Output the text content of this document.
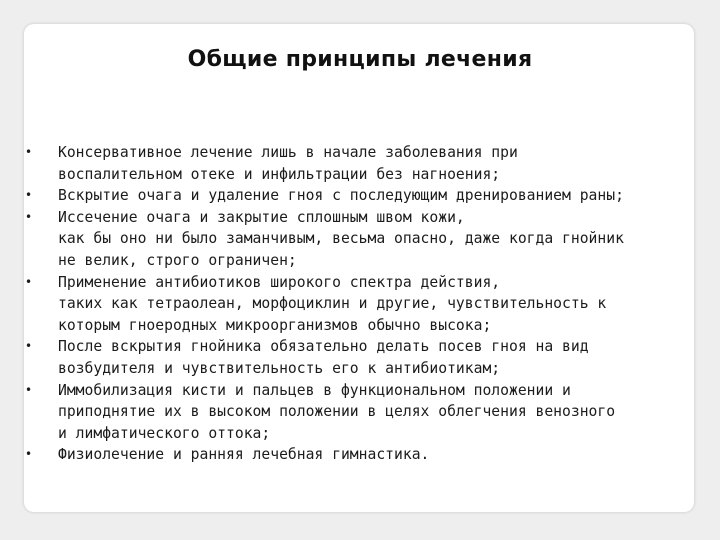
Общие принципы лечения
•	Консервативное лечение лишь в начале заболевания при
воспалительном отеке и инфильтрации без нагноения;
•	Вскрытие очага и удаление гноя с последующим дренированием раны;
•	Иссечение очага и закрытие сплошным швом кожи,
как бы оно ни было заманчивым, весьма опасно, даже когда гнойник
не велик, строго ограничен;
•	Применение антибиотиков широкого спектра действия,
таких как тетраолеан, морфоциклин и другие, чувствительность к
которым гноеродных микроорганизмов обычно высока;
•	После вскрытия гнойника обязательно делать посев гноя на вид
возбудителя и чувствительность его к антибиотикам;
•	Иммобилизация кисти и пальцев в функциональном положении и
приподнятие их в высоком положении в целях облегчения венозного
и лимфатического оттока;
•	Физиолечение и ранняя лечебная гимнастика.
